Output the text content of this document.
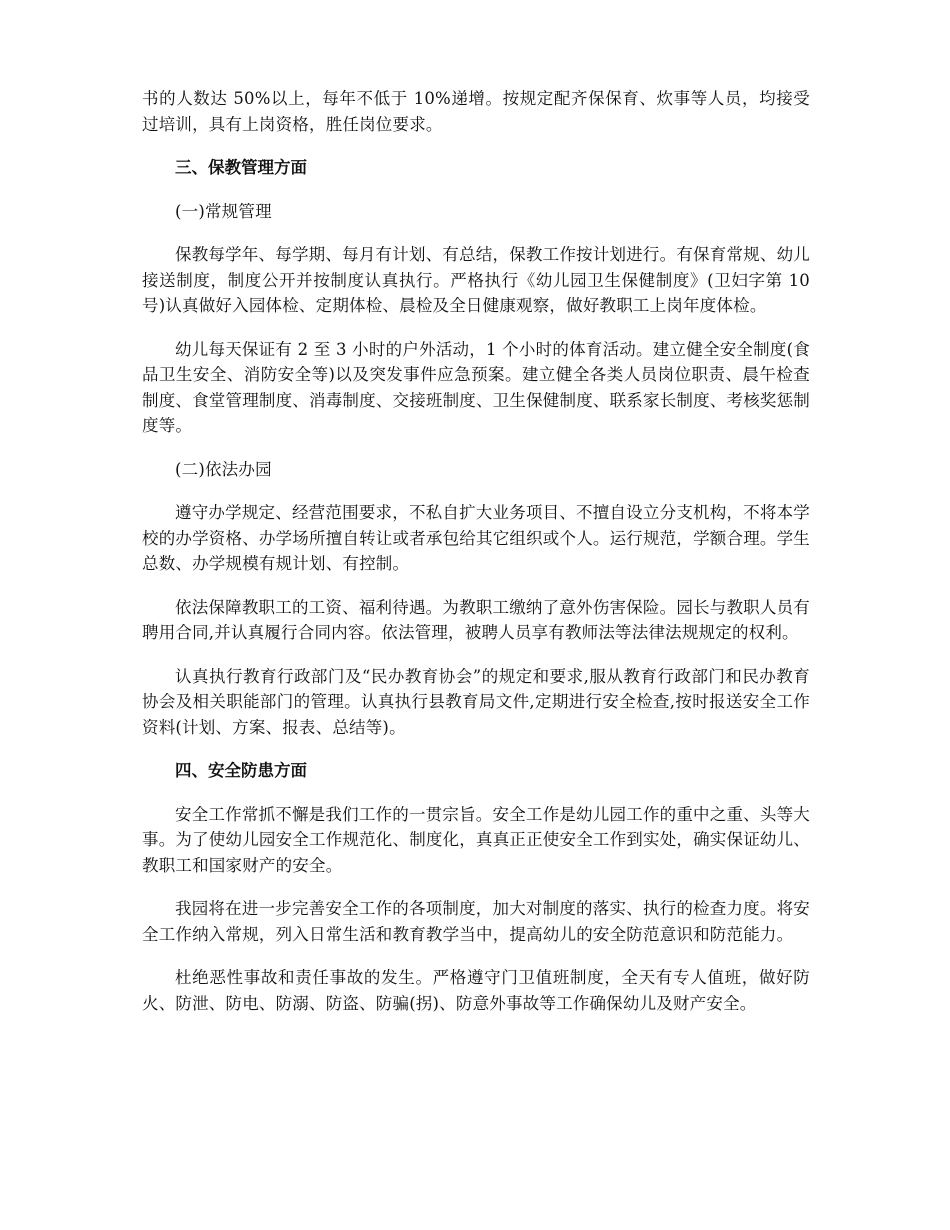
书的人数达 50%以上，每年不低于 10%递增。按规定配齐保保育、炊事等人员，均接受过培训，具有上岗资格，胜任岗位要求。

三、保教管理方面

(一)常规管理

保教每学年、每学期、每月有计划、有总结，保教工作按计划进行。有保育常规、幼儿接送制度，制度公开并按制度认真执行。严格执行《幼儿园卫生保健制度》(卫妇字第 10 号)认真做好入园体检、定期体检、晨检及全日健康观察，做好教职工上岗年度体检。

幼儿每天保证有 2 至 3 小时的户外活动，1 个小时的体育活动。建立健全安全制度(食品卫生安全、消防安全等)以及突发事件应急预案。建立健全各类人员岗位职责、晨午检查制度、食堂管理制度、消毒制度、交接班制度、卫生保健制度、联系家长制度、考核奖惩制度等。

(二)依法办园

遵守办学规定、经营范围要求，不私自扩大业务项目、不擅自设立分支机构，不将本学校的办学资格、办学场所擅自转让或者承包给其它组织或个人。运行规范，学额合理。学生总数、办学规模有规计划、有控制。

依法保障教职工的工资、福利待遇。为教职工缴纳了意外伤害保险。园长与教职人员有聘用合同,并认真履行合同内容。依法管理，被聘人员享有教师法等法律法规规定的权利。

认真执行教育行政部门及“民办教育协会”的规定和要求,服从教育行政部门和民办教育协会及相关职能部门的管理。认真执行县教育局文件,定期进行安全检查,按时报送安全工作资料(计划、方案、报表、总结等)。

四、安全防患方面

安全工作常抓不懈是我们工作的一贯宗旨。安全工作是幼儿园工作的重中之重、头等大事。为了使幼儿园安全工作规范化、制度化，真真正正使安全工作到实处，确实保证幼儿、教职工和国家财产的安全。

我园将在进一步完善安全工作的各项制度，加大对制度的落实、执行的检查力度。将安全工作纳入常规，列入日常生活和教育教学当中，提高幼儿的安全防范意识和防范能力。

杜绝恶性事故和责任事故的发生。严格遵守门卫值班制度，全天有专人值班，做好防火、防泄、防电、防溺、防盗、防骗(拐)、防意外事故等工作确保幼儿及财产安全。
